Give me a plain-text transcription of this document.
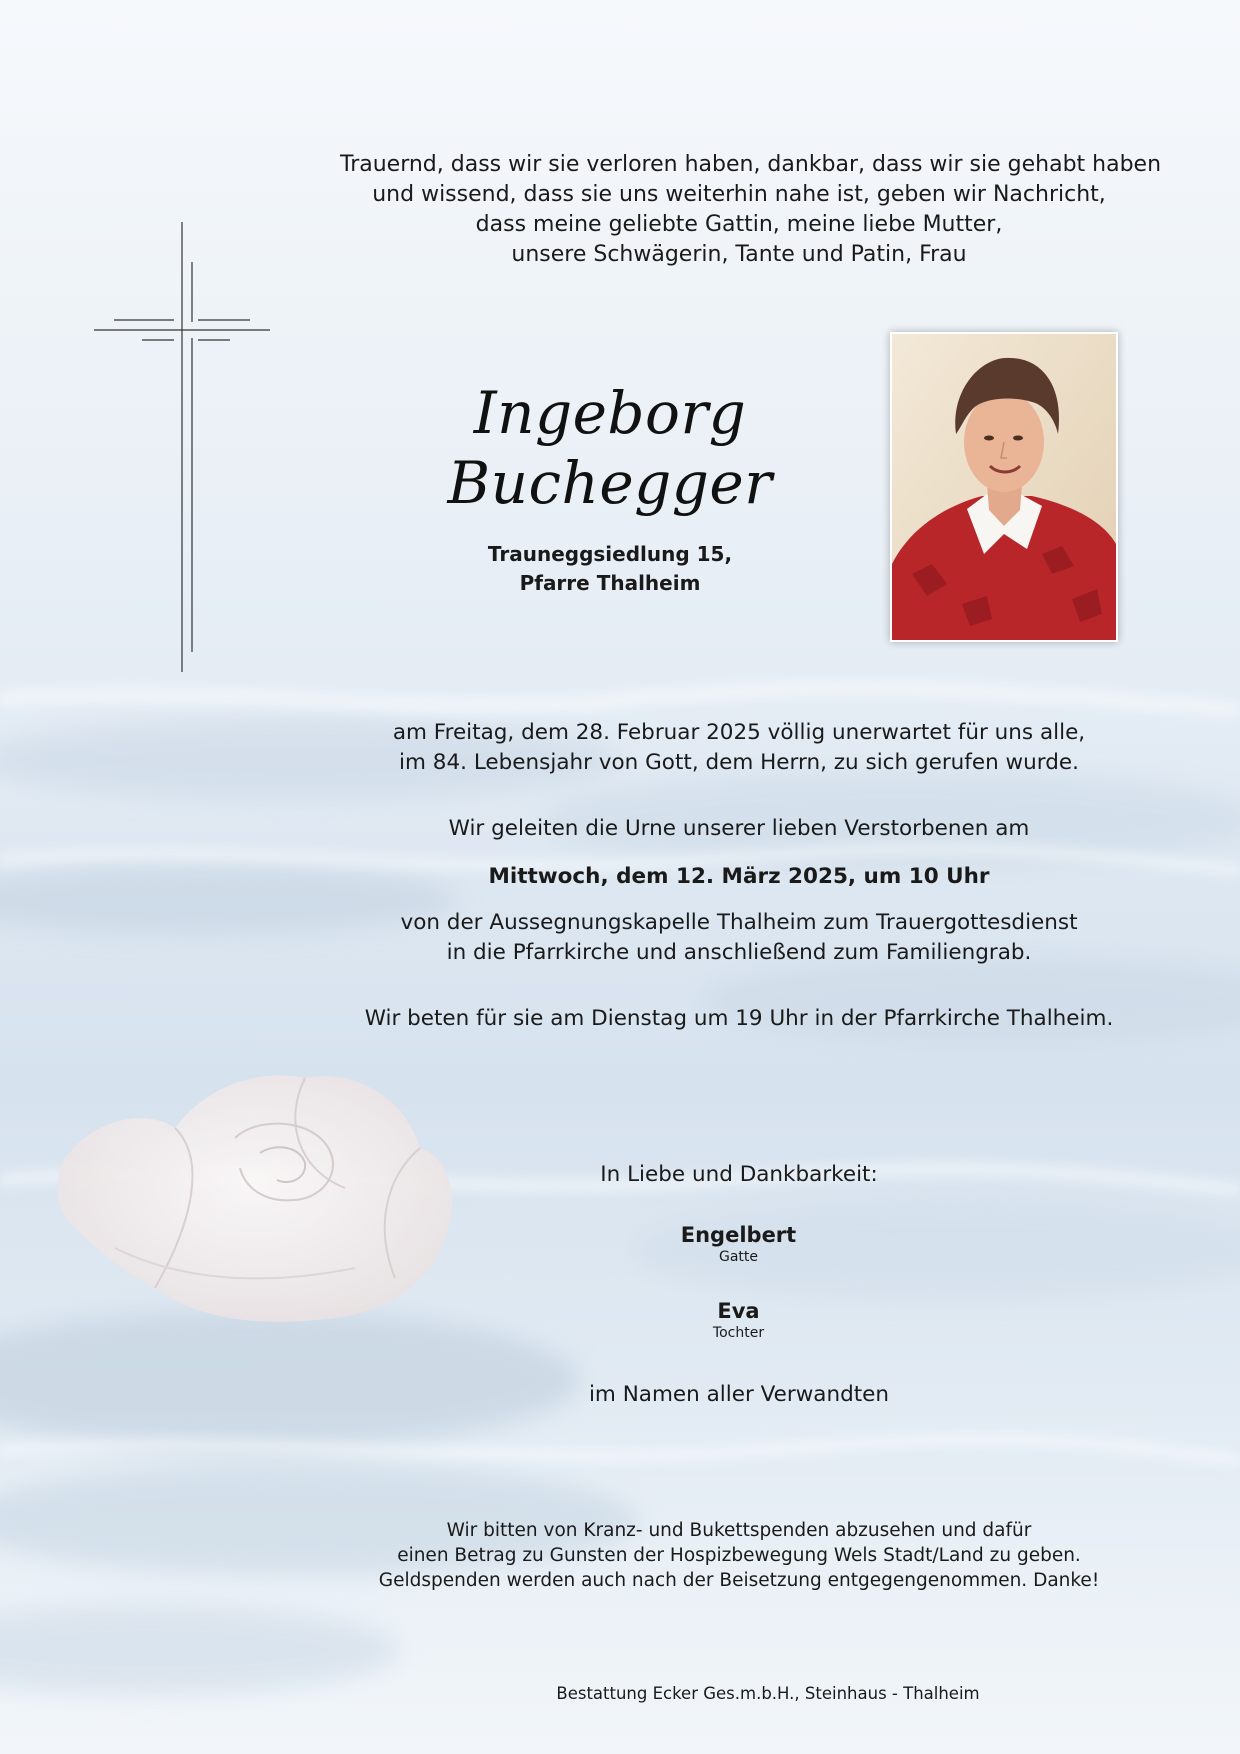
Trauernd, dass wir sie verloren haben, dankbar, dass wir sie gehabt haben
und wissend, dass sie uns weiterhin nahe ist, geben wir Nachricht,
dass meine geliebte Gattin, meine liebe Mutter,
unsere Schwägerin, Tante und Patin, Frau
Ingeborg
Buchegger
Trauneggsiedlung 15,
Pfarre Thalheim
am Freitag, dem 28. Februar 2025 völlig unerwartet für uns alle,
im 84. Lebensjahr von Gott, dem Herrn, zu sich gerufen wurde.
Wir geleiten die Urne unserer lieben Verstorbenen am
Mittwoch, dem 12. März 2025, um 10 Uhr
von der Aussegnungskapelle Thalheim zum Trauergottesdienst
in die Pfarrkirche und anschließend zum Familiengrab.
Wir beten für sie am Dienstag um 19 Uhr in der Pfarrkirche Thalheim.
In Liebe und Dankbarkeit:
Engelbert
Gatte
Eva
Tochter
im Namen aller Verwandten
Wir bitten von Kranz- und Bukettspenden abzusehen und dafür
einen Betrag zu Gunsten der Hospizbewegung Wels Stadt/Land zu geben.
Geldspenden werden auch nach der Beisetzung entgegengenommen. Danke!
Bestattung Ecker Ges.m.b.H., Steinhaus - Thalheim
